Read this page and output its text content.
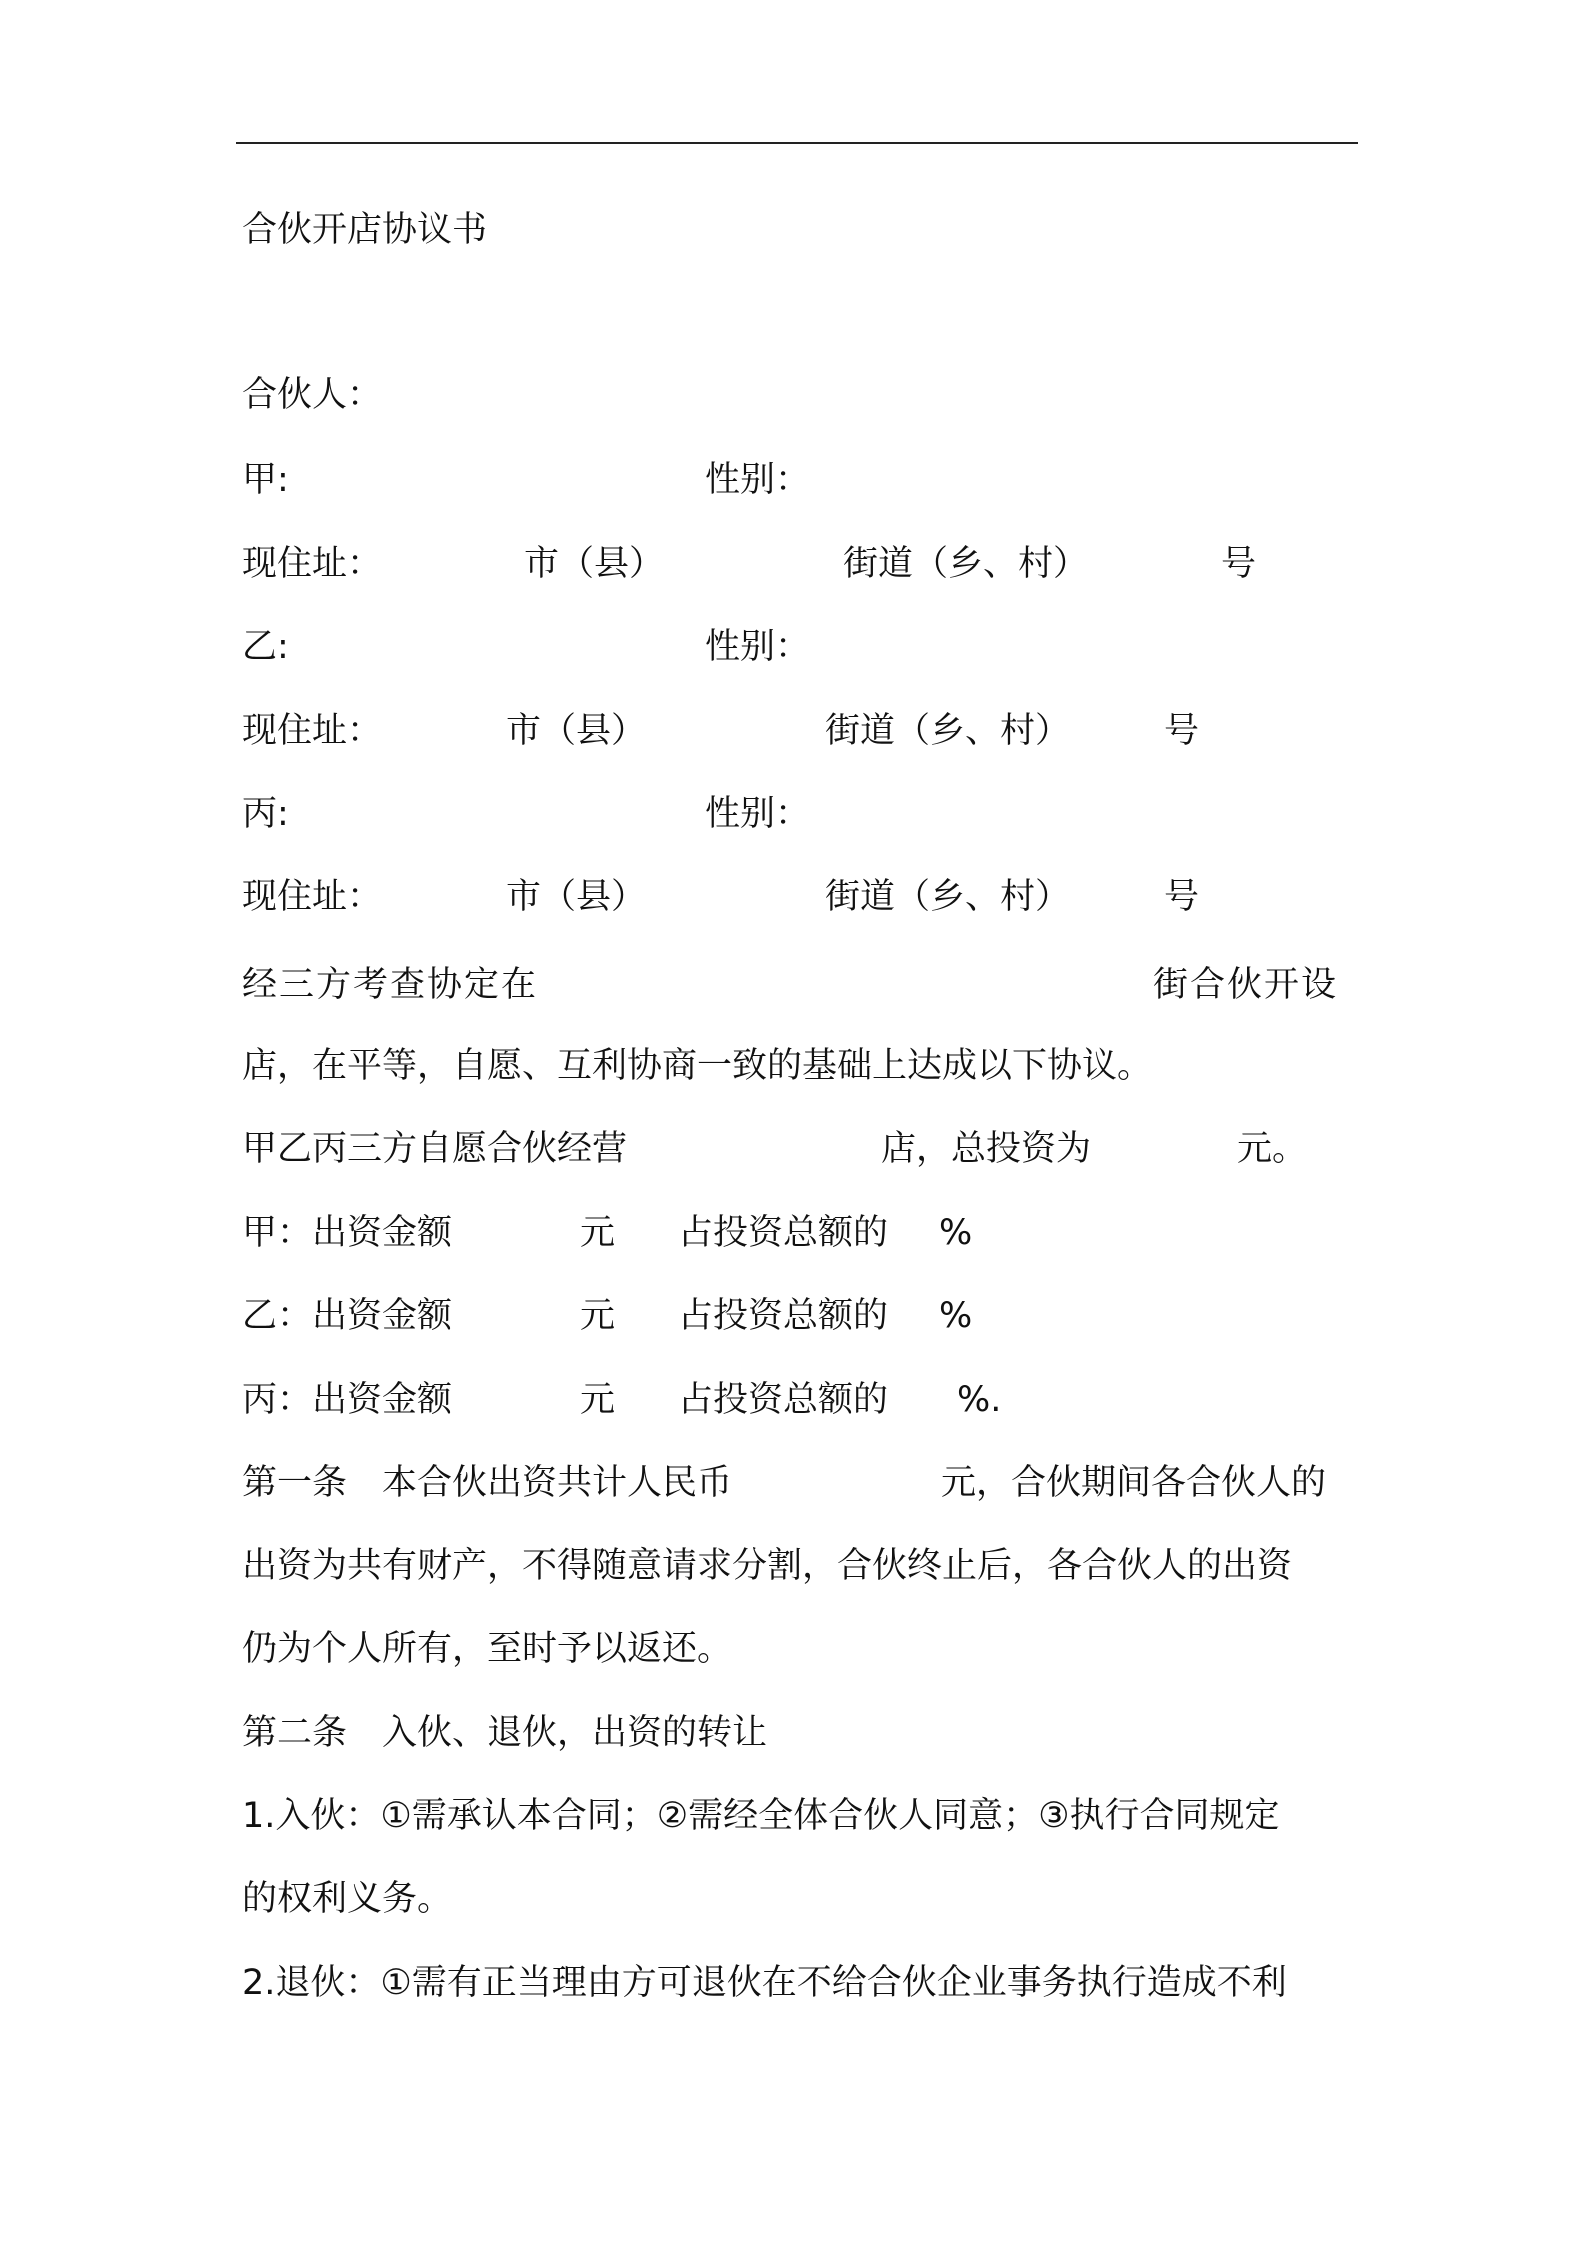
合伙开店协议书
合伙人：
甲:	性别：
现住址：	市（县）	街道（乡、村）	号
乙:	性别：
现住址：	市（县）	街道（乡、村）	号
丙:	性别：
现住址：	市（县）	街道（乡、村）	号
经三方考查协定在	街合伙开设
店，在平等，自愿、互利协商一致的基础上达成以下协议。
甲乙丙三方自愿合伙经营	店，总投资为	元。
甲：出资金额	元 占投资总额的 %
乙：出资金额	元 占投资总额的 %
丙：出资金额	元 占投资总额的 %.
第一条　本合伙出资共计人民币	元，合伙期间各合伙人的
出资为共有财产，不得随意请求分割，合伙终止后，各合伙人的出资
仍为个人所有，至时予以返还。
第二条　入伙、退伙，出资的转让
1.入伙：①需承认本合同；②需经全体合伙人同意；③执行合同规定
的权利义务。
2.退伙：①需有正当理由方可退伙在不给合伙企业事务执行造成不利
